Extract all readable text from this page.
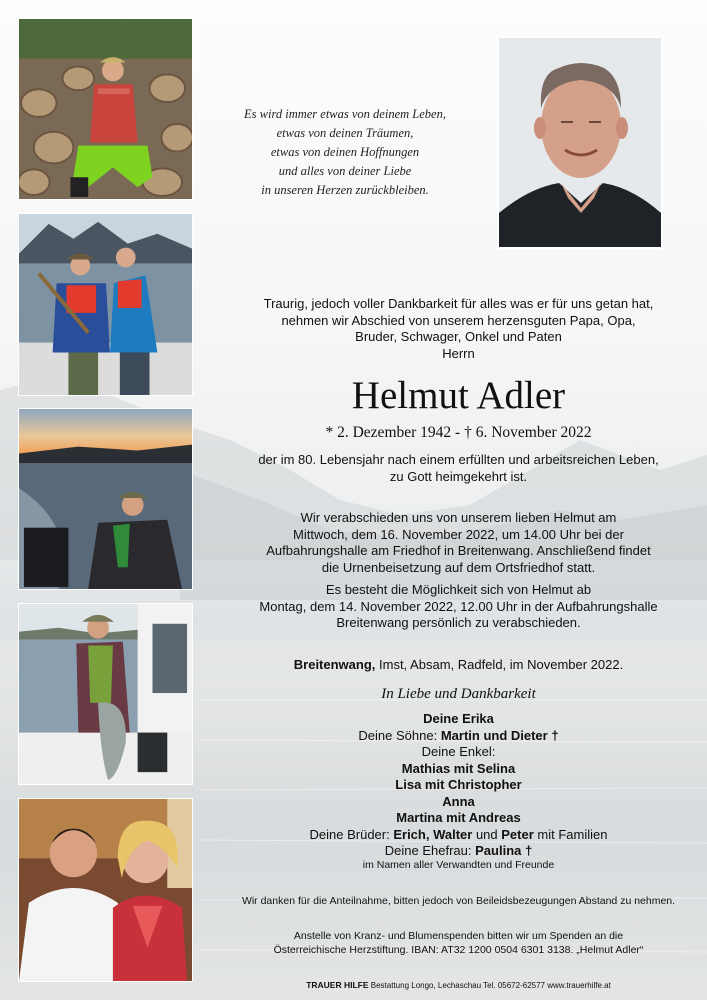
Es wird immer etwas von deinem Leben,
etwas von deinen Träumen,
etwas von deinen Hoffnungen
und alles von deiner Liebe
in unseren Herzen zurückbleiben.
Traurig, jedoch voller Dankbarkeit für alles was er für uns getan hat,
nehmen wir Abschied von unserem herzensguten Papa, Opa,
Bruder, Schwager, Onkel und Paten
Herrn
Helmut Adler
* 2. Dezember 1942 - † 6. November 2022
der im 80. Lebensjahr nach einem erfüllten und arbeitsreichen Leben,
zu Gott heimgekehrt ist.
Wir verabschieden uns von unserem lieben Helmut am
Mittwoch, dem 16. November 2022, um 14.00 Uhr bei der
Aufbahrungshalle am Friedhof in Breitenwang. Anschließend findet
die Urnenbeisetzung auf dem Ortsfriedhof statt.
Es besteht die Möglichkeit sich von Helmut ab
Montag, dem 14. November 2022, 12.00 Uhr in der Aufbahrungshalle
Breitenwang persönlich zu verabschieden.
Breitenwang, Imst, Absam, Radfeld, im November 2022.
In Liebe und Dankbarkeit
Deine Erika
Deine Söhne: Martin und Dieter †
Deine Enkel:
Mathias mit Selina
Lisa mit Christopher
Anna
Martina mit Andreas
Deine Brüder: Erich, Walter und Peter mit Familien
Deine Ehefrau: Paulina †
im Namen aller Verwandten und Freunde
Wir danken für die Anteilnahme, bitten jedoch von Beileidsbezeugungen Abstand zu nehmen.
Anstelle von Kranz- und Blumenspenden bitten wir um Spenden an die
Österreichische Herzstiftung. IBAN: AT32 1200 0504 6301 3138. „Helmut Adler“
TRAUER HILFE Bestattung Longo, Lechaschau Tel. 05672-62577 www.trauerhilfe.at
